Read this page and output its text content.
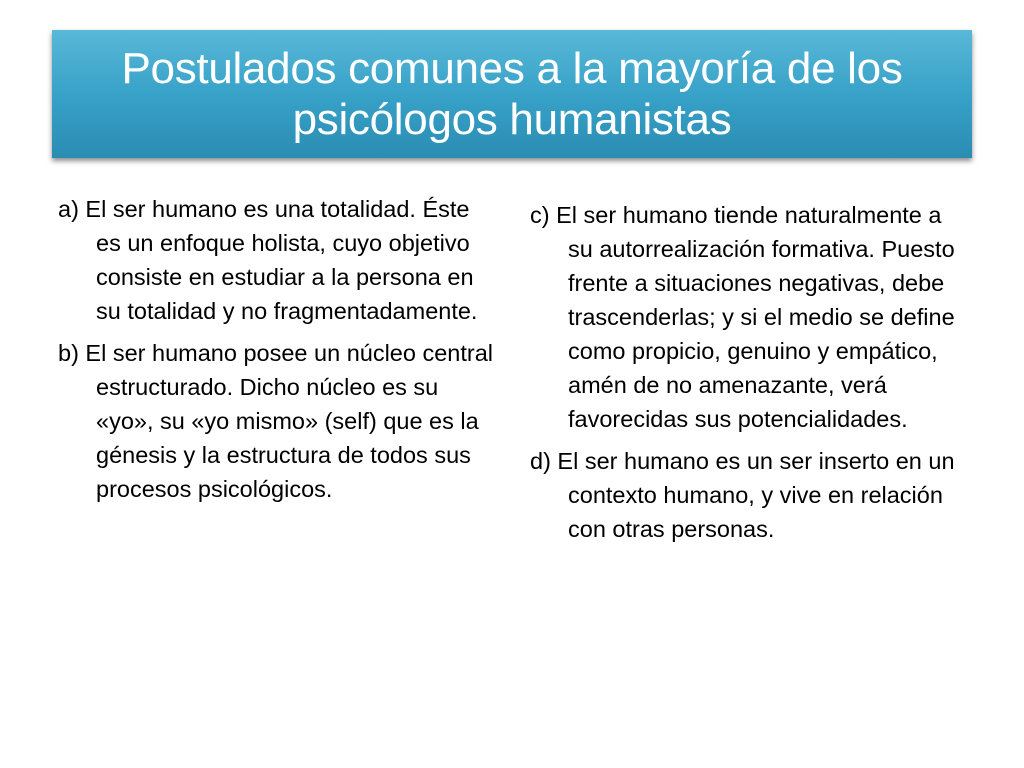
Postulados comunes a la mayoría de los psicólogos humanistas

a) El ser humano es una totalidad. Éste es un enfoque holista, cuyo objetivo consiste en estudiar a la persona en su totalidad y no fragmentadamente.

b) El ser humano posee un núcleo central estructurado. Dicho núcleo es su «yo», su «yo mismo» (self) que es la génesis y la estructura de todos sus procesos psicológicos.

c) El ser humano tiende naturalmente a su autorrealización formativa. Puesto frente a situaciones negativas, debe trascenderlas; y si el medio se define como propicio, genuino y empático, amén de no amenazante, verá favorecidas sus potencialidades.

d) El ser humano es un ser inserto en un contexto humano, y vive en relación con otras personas.
